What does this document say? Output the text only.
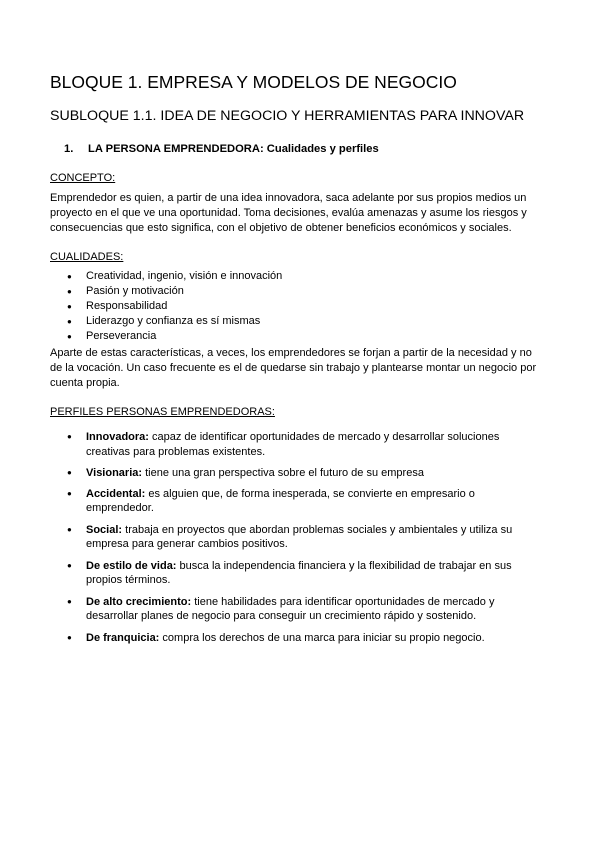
BLOQUE 1. EMPRESA Y MODELOS DE NEGOCIO
SUBLOQUE 1.1. IDEA DE NEGOCIO Y HERRAMIENTAS PARA INNOVAR
1. LA PERSONA EMPRENDEDORA: Cualidades y perfiles
CONCEPTO:
Emprendedor es quien, a partir de una idea innovadora, saca adelante por sus propios medios un
proyecto en el que ve una oportunidad. Toma decisiones, evalúa amenazas y asume los riesgos y
consecuencias que esto significa, con el objetivo de obtener beneficios económicos y sociales.
CUALIDADES:
● Creatividad, ingenio, visión e innovación
● Pasión y motivación
● Responsabilidad
● Liderazgo y confianza es sí mismas
● Perseverancia
Aparte de estas características, a veces, los emprendedores se forjan a partir de la necesidad y no
de la vocación. Un caso frecuente es el de quedarse sin trabajo y plantearse montar un negocio por
cuenta propia.
PERFILES PERSONAS EMPRENDEDORAS:
● Innovadora: capaz de identificar oportunidades de mercado y desarrollar soluciones
creativas para problemas existentes.
● Visionaria: tiene una gran perspectiva sobre el futuro de su empresa
● Accidental: es alguien que, de forma inesperada, se convierte en empresario o
emprendedor.
● Social: trabaja en proyectos que abordan problemas sociales y ambientales y utiliza su
empresa para generar cambios positivos.
● De estilo de vida: busca la independencia financiera y la flexibilidad de trabajar en sus
propios términos.
● De alto crecimiento: tiene habilidades para identificar oportunidades de mercado y
desarrollar planes de negocio para conseguir un crecimiento rápido y sostenido.
● De franquicia: compra los derechos de una marca para iniciar su propio negocio.
